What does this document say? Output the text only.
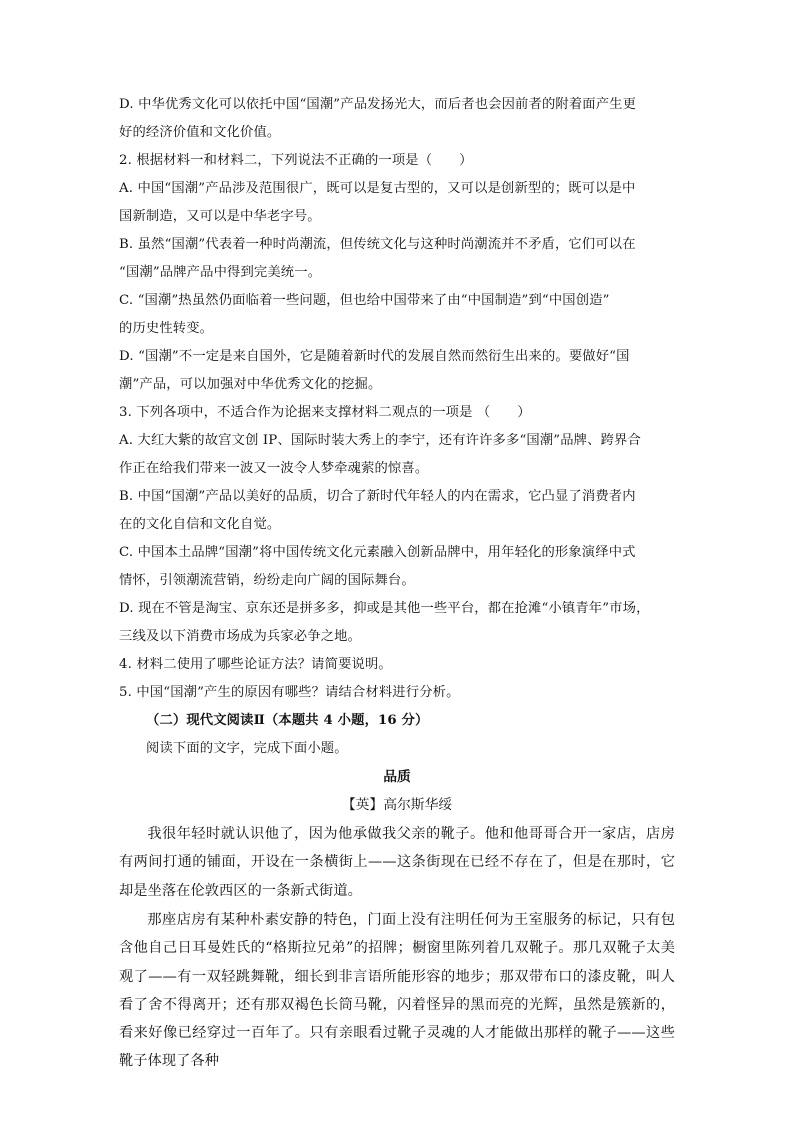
D. 中华优秀文化可以依托中国“国潮”产品发扬光大，而后者也会因前者的附着面产生更
好的经济价值和文化价值。
2. 根据材料一和材料二，下列说法不正确的一项是（　　）
A. 中国“国潮”产品涉及范围很广，既可以是复古型的，又可以是创新型的；既可以是中
国新制造，又可以是中华老字号。
B. 虽然“国潮”代表着一种时尚潮流，但传统文化与这种时尚潮流并不矛盾，它们可以在
“国潮”品牌产品中得到完美统一。
C. “国潮”热虽然仍面临着一些问题，但也给中国带来了由“中国制造”到“中国创造”
的历史性转变。
D. “国潮”不一定是来自国外，它是随着新时代的发展自然而然衍生出来的。要做好“国
潮”产品，可以加强对中华优秀文化的挖掘。
3. 下列各项中，不适合作为论据来支撑材料二观点的一项是 （　　）
A. 大红大紫的故宫文创 IP、国际时装大秀上的李宁，还有许许多多“国潮”品牌、跨界合
作正在给我们带来一波又一波令人梦牵魂萦的惊喜。
B. 中国“国潮”产品以美好的品质，切合了新时代年轻人的内在需求，它凸显了消费者内
在的文化自信和文化自觉。
C. 中国本土品牌“国潮”将中国传统文化元素融入创新品牌中，用年轻化的形象演绎中式
情怀，引领潮流营销，纷纷走向广阔的国际舞台。
D. 现在不管是淘宝、京东还是拼多多，抑或是其他一些平台，都在抢滩“小镇青年”市场，
三线及以下消费市场成为兵家必争之地。
4. 材料二使用了哪些论证方法？请简要说明。
5. 中国“国潮”产生的原因有哪些？请结合材料进行分析。
（二）现代文阅读Ⅱ（本题共 4 小题，16 分）
阅读下面的文字，完成下面小题。
品质
【英】高尔斯华绥
我很年轻时就认识他了，因为他承做我父亲的靴子。他和他哥哥合开一家店，店房有两间打通的铺面，开设在一条横街上——这条街现在已经不存在了，但是在那时，它却是坐落在伦敦西区的一条新式街道。
那座店房有某种朴素安静的特色，门面上没有注明任何为王室服务的标记，只有包含他自己日耳曼姓氏的“格斯拉兄弟”的招牌；橱窗里陈列着几双靴子。那几双靴子太美观了——有一双轻跳舞靴，细长到非言语所能形容的地步；那双带布口的漆皮靴，叫人看了舍不得离开；还有那双褐色长筒马靴，闪着怪异的黑而亮的光辉，虽然是簇新的，看来好像已经穿过一百年了。只有亲眼看过靴子灵魂的人才能做出那样的靴子——这些靴子体现了各种
